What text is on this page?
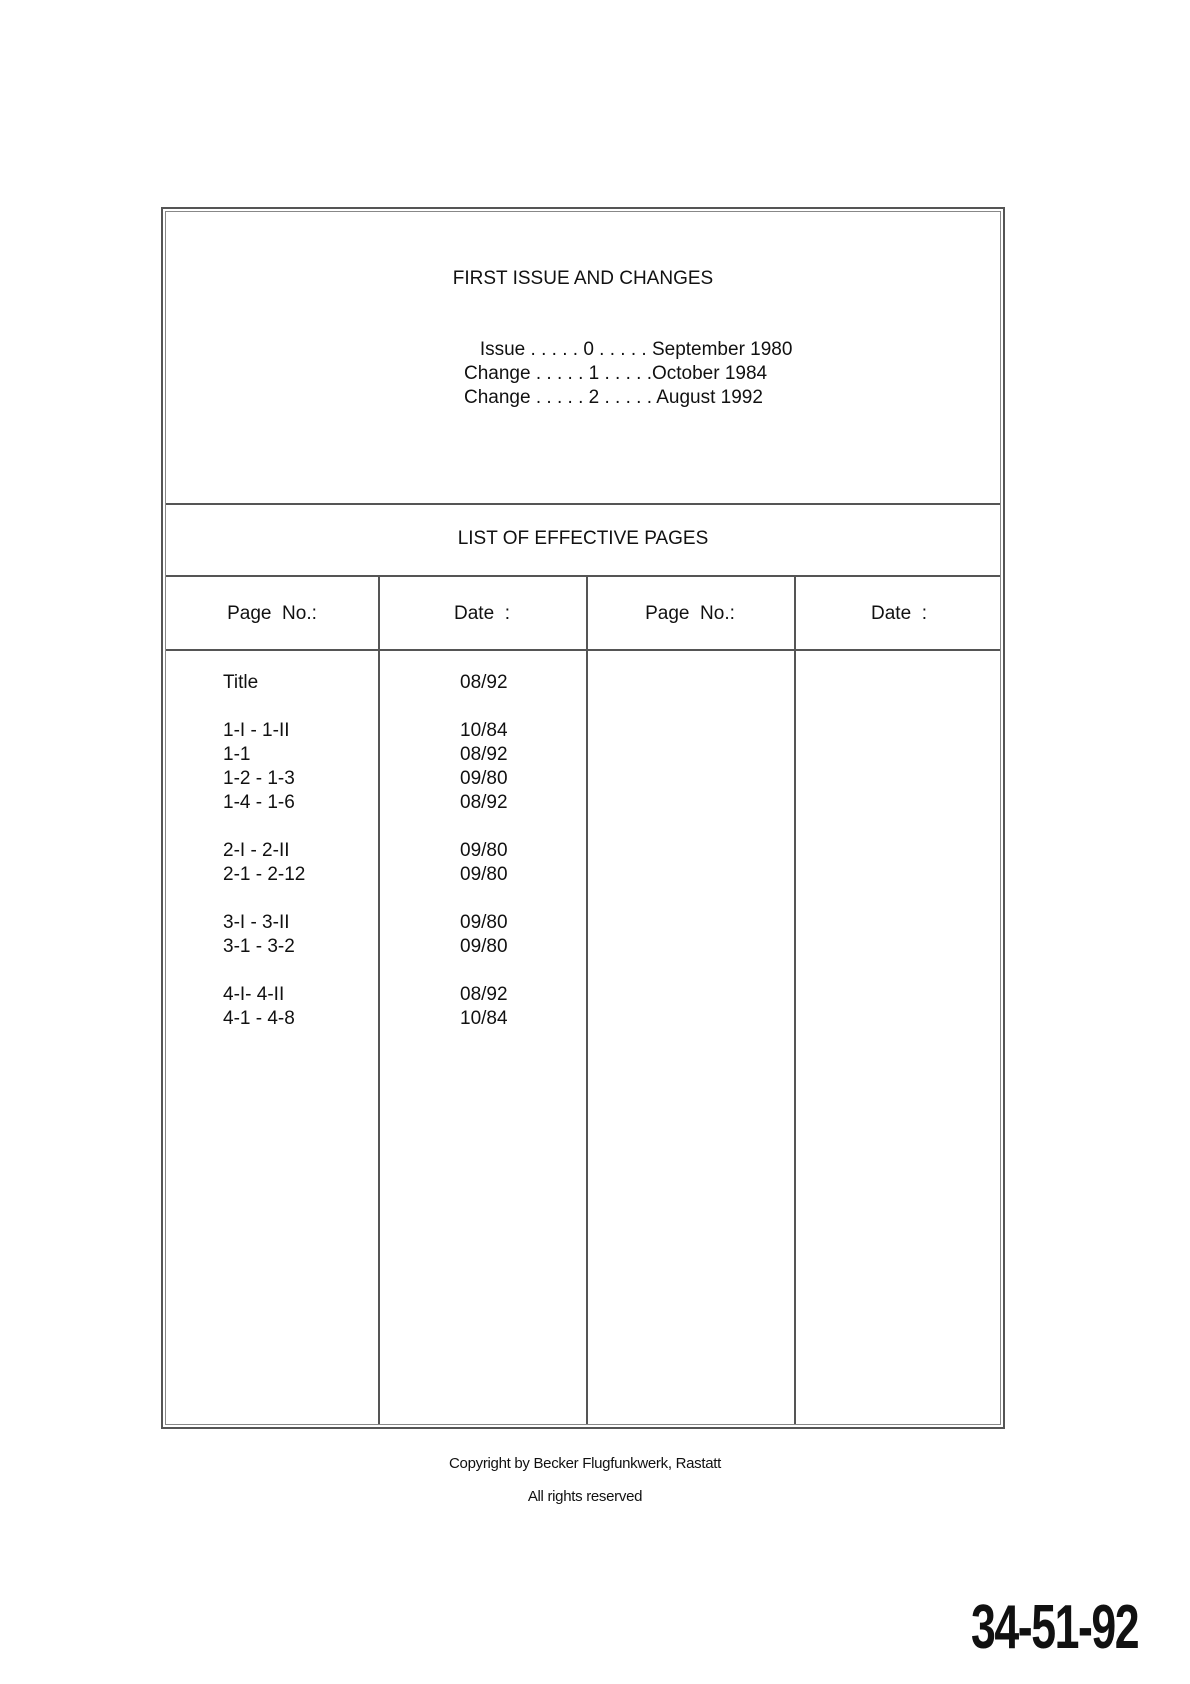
FIRST ISSUE AND CHANGES
Issue . . . . . 0 . . . . . September 1980
Change . . . . . 1 . . . . .October 1984
Change . . . . . 2 . . . . . August 1992
LIST OF EFFECTIVE PAGES
Page  No.:	Date  :	Page  No.:	Date  :
Title	08/92
1-I - 1-II	10/84
1-1	08/92
1-2 - 1-3	09/80
1-4 - 1-6	08/92
2-I - 2-II	09/80
2-1 - 2-12	09/80
3-I - 3-II	09/80
3-1 - 3-2	09/80
4-I- 4-II	08/92
4-1 - 4-8	10/84
Copyright by Becker Flugfunkwerk, Rastatt
All rights reserved
34-51-92
